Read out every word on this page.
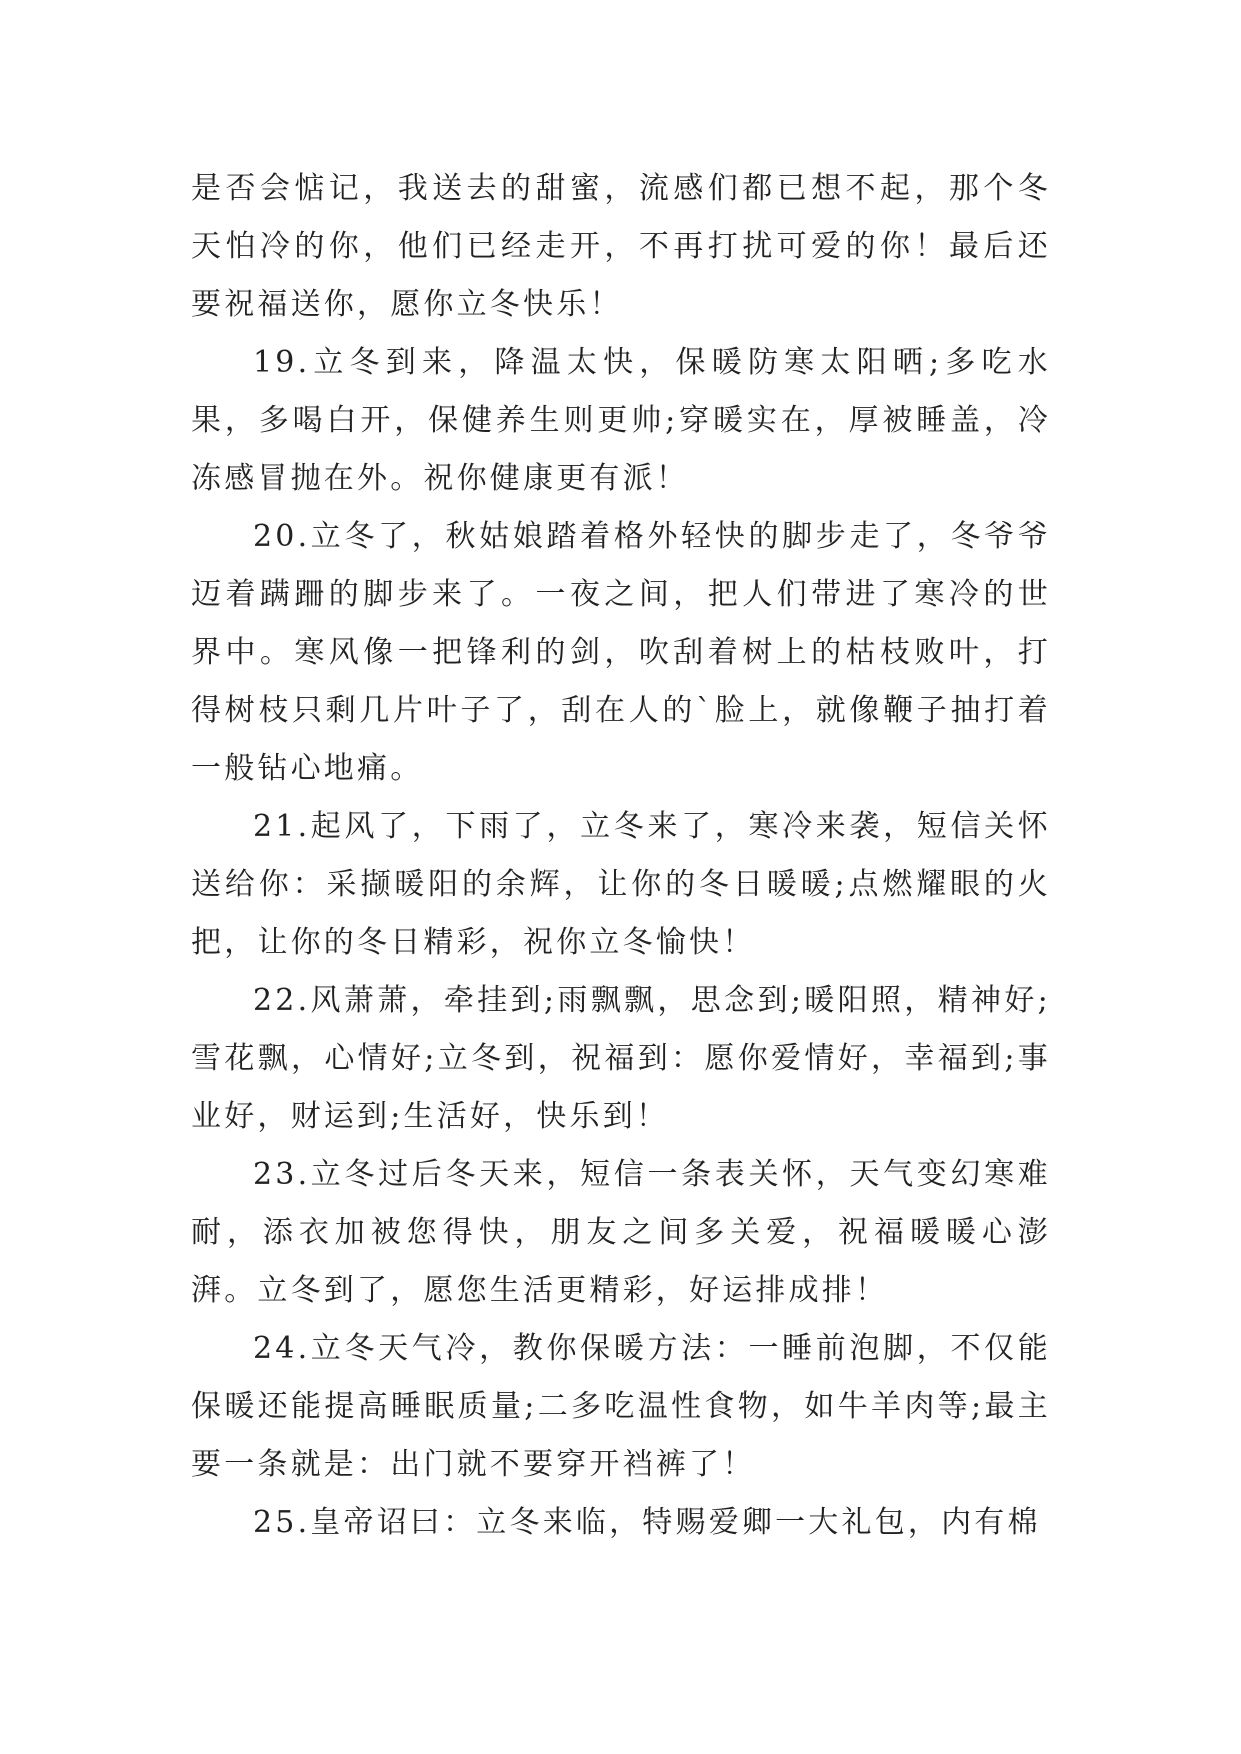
是否会惦记，我送去的甜蜜，流感们都已想不起，那个冬天怕冷的你，他们已经走开，不再打扰可爱的你！最后还要祝福送你，愿你立冬快乐！

19.立冬到来，降温太快，保暖防寒太阳晒;多吃水果，多喝白开，保健养生则更帅;穿暖实在，厚被睡盖，冷冻感冒抛在外。祝你健康更有派！

20.立冬了，秋姑娘踏着格外轻快的脚步走了，冬爷爷迈着蹒跚的脚步来了。一夜之间，把人们带进了寒冷的世界中。寒风像一把锋利的剑，吹刮着树上的枯枝败叶，打得树枝只剩几片叶子了，刮在人的`脸上，就像鞭子抽打着一般钻心地痛。

21.起风了，下雨了，立冬来了，寒冷来袭，短信关怀送给你：采撷暖阳的余辉，让你的冬日暖暖;点燃耀眼的火把，让你的冬日精彩，祝你立冬愉快！

22.风萧萧，牵挂到;雨飘飘，思念到;暖阳照，精神好;雪花飘，心情好;立冬到，祝福到：愿你爱情好，幸福到;事业好，财运到;生活好，快乐到！

23.立冬过后冬天来，短信一条表关怀，天气变幻寒难耐，添衣加被您得快，朋友之间多关爱，祝福暖暖心澎湃。立冬到了，愿您生活更精彩，好运排成排！

24.立冬天气冷，教你保暖方法：一睡前泡脚，不仅能保暖还能提高睡眠质量;二多吃温性食物，如牛羊肉等;最主要一条就是：出门就不要穿开裆裤了！

25.皇帝诏曰：立冬来临，特赐爱卿一大礼包，内有棉
